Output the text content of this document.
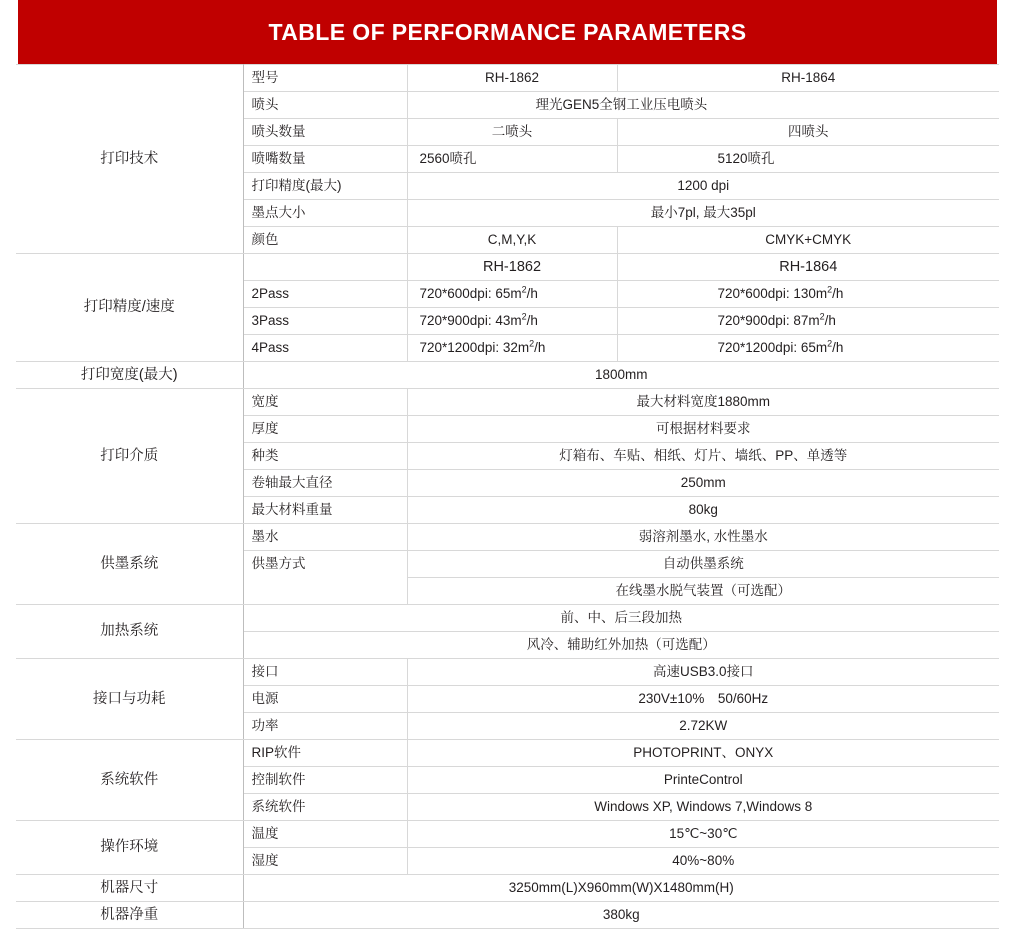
TABLE OF PERFORMANCE PARAMETERS
打印技术	型号	RH-1862	RH-1864
	喷头	理光GEN5全钢工业压电喷头	
	喷头数量	二喷头	四喷头
	喷嘴数量	2560喷孔	5120喷孔
	打印精度(最大)	1200 dpi	
	墨点大小	最小7pl, 最大35pl	
	颜色	C,M,Y,K	CMYK+CMYK
打印精度/速度		RH-1862	RH-1864
	2Pass	720*600dpi: $65m^2/h$	720*600dpi: $130m^2/h$
	3Pass	720*900dpi: $43m^2/h$	720*900dpi: $87m^2/h$
	4Pass	720*1200dpi: $32m^2/h$	720*1200dpi: $65m^2/h$
打印宽度(最大)	1800mm		
打印介质	宽度	最大材料宽度1880mm	
	厚度	可根据材料要求	
	种类	灯箱布、车贴、相纸、灯片、墙纸、PP、单透等	
	卷轴最大直径	250mm	
	最大材料重量	80kg	
供墨系统	墨水	弱溶剂墨水, 水性墨水	
	供墨方式	自动供墨系统	
		在线墨水脱气装置（可选配）	
加热系统	前、中、后三段加热		
	风冷、辅助红外加热（可选配）		
接口与功耗	接口	高速USB3.0接口	
	电源	230V±10%　50/60Hz	
	功率	2.72KW	
系统软件	RIP软件	PHOTOPRINT、ONYX	
	控制软件	PrinteControl	
	系统软件	Windows XP, Windows 7,Windows 8	
操作环境	温度	15℃~30℃	
	湿度	40%~80%	
机器尺寸	3250mm(L)X960mm(W)X1480mm(H)		
机器净重	380kg		
